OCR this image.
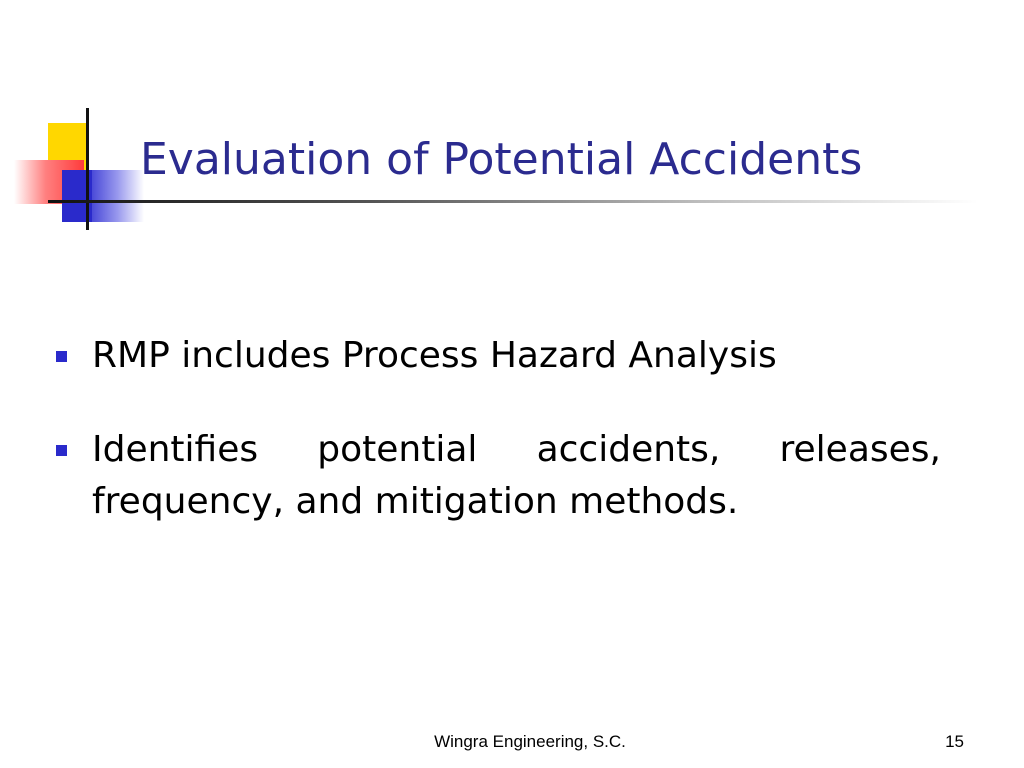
Evaluation of Potential Accidents
RMP includes Process Hazard Analysis
Identifies potential accidents, releases, frequency, and mitigation methods.
Wingra Engineering, S.C.	15
